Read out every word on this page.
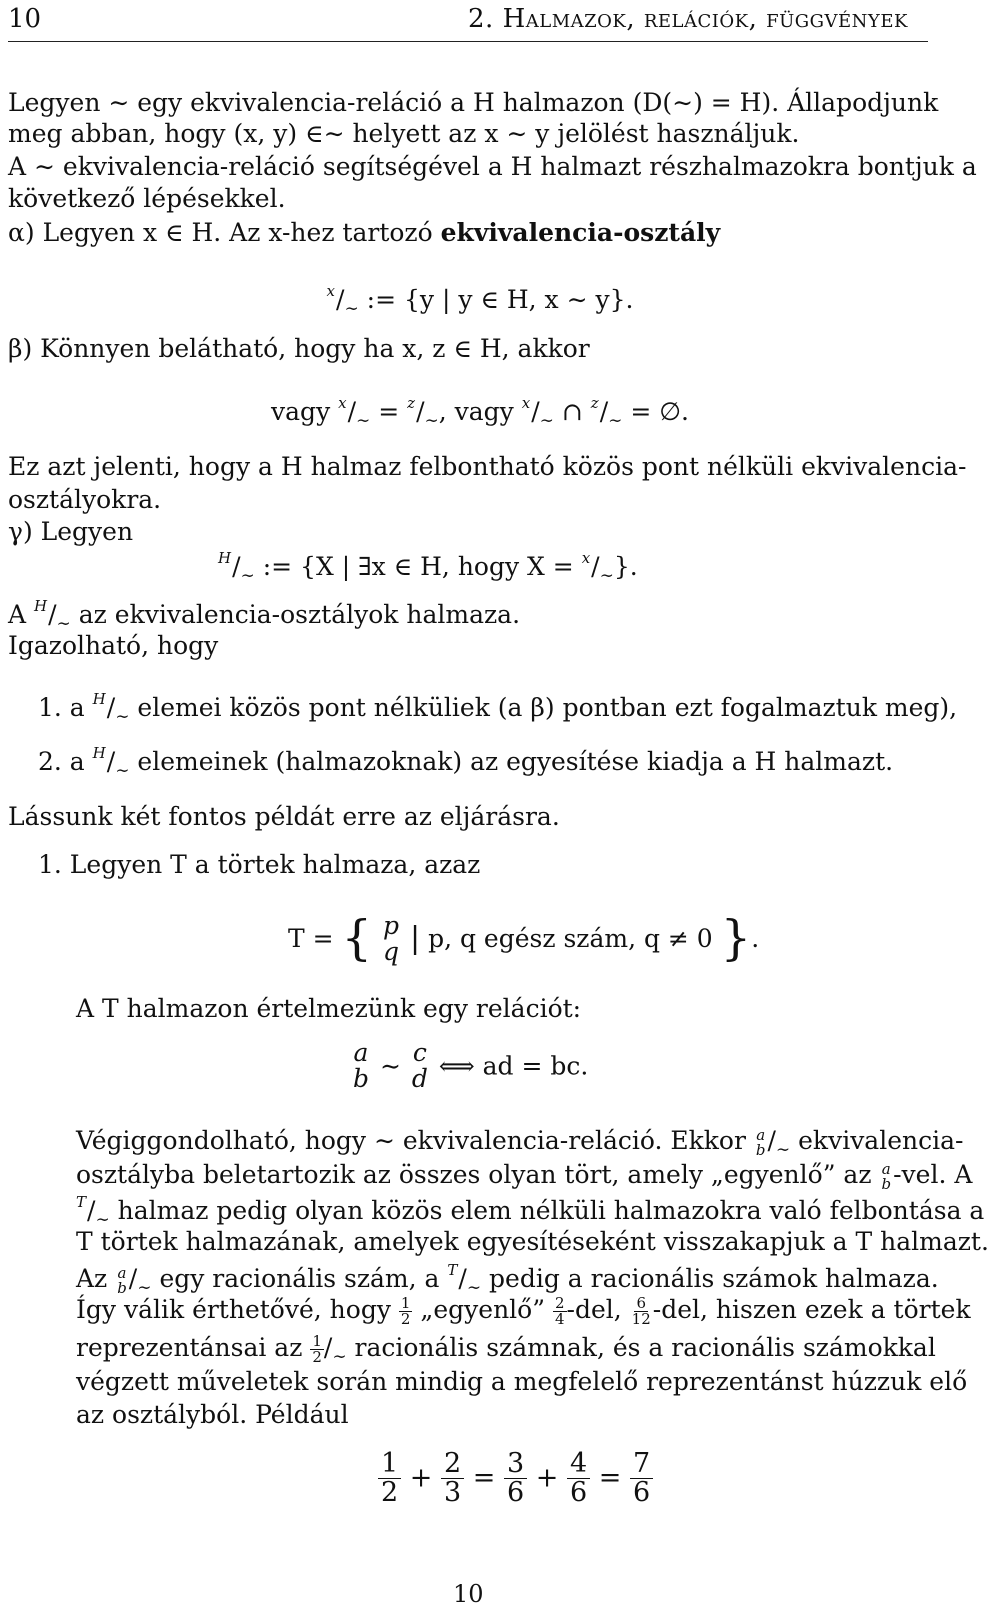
10	2. Halmazok, relációk, függvények
Legyen ∼ egy ekvivalencia-reláció a H halmazon (D(∼) = H). Állapodjunk
meg abban, hogy (x, y) ∈∼ helyett az x ∼ y jelölést használjuk.
A ∼ ekvivalencia-reláció segítségével a H halmazt részhalmazokra bontjuk a
következő lépésekkel.
α) Legyen x ∈ H. Az x-hez tartozó ekvivalencia-osztály
$^x/_\sim$ := {y | y ∈ H, x ∼ y}.
β) Könnyen belátható, hogy ha x, z ∈ H, akkor
vagy $^x/_\sim = ^z/_\sim$, vagy $^x/_\sim$ ∩ $^z/_\sim$ = ∅.
Ez azt jelenti, hogy a H halmaz felbontható közös pont nélküli ekvivalencia-
osztályokra.
γ) Legyen
$^H/_\sim$ := {X | ∃x ∈ H, hogy $X = ^x/_\sim$}.
A $^H/_\sim$ az ekvivalencia-osztályok halmaza.
Igazolható, hogy
1. a $^H/_\sim$ elemei közös pont nélküliek (a β) pontban ezt fogalmaztuk meg),
2. a $^H/_\sim$ elemeinek (halmazoknak) az egyesítése kiadja a H halmazt.
Lássunk két fontos példát erre az eljárásra.
1. Legyen T a törtek halmaza, azaz
T = { p
q | p, q egész szám, q ≠ 0 }.
A T halmazon értelmezünk egy relációt:
a
b ∼ c
d ⟺ ad = bc.
Végiggondolható, hogy ∼ ekvivalencia-reláció. Ekkor a
b $/_\sim$ ekvivalencia-
osztályba beletartozik az összes olyan tört, amely „egyenlő” az a
b -vel. A
$^T/_\sim$ halmaz pedig olyan közös elem nélküli halmazokra való felbontása a
T törtek halmazának, amelyek egyesítéseként visszakapjuk a T halmazt.
Az a
b $/_\sim$ egy racionális szám, a $^T/_\sim$ pedig a racionális számok halmaza.
Így válik érthetővé, hogy $\frac{1}{2}$ „egyenlő” $\frac{2}{4} -del$, $\frac{6}{12} -del$, hiszen ezek a törtek
reprezentánsai az $\frac{1}{2} /_\sim$ racionális számnak, és a racionális számokkal
végzett műveletek során mindig a megfelelő reprezentánst húzzuk elő
az osztályból. Például
$\frac{1}{2} + \frac{2}{3} = \frac{3}{6} + \frac{4}{6} = \frac{7}{6}$
10
